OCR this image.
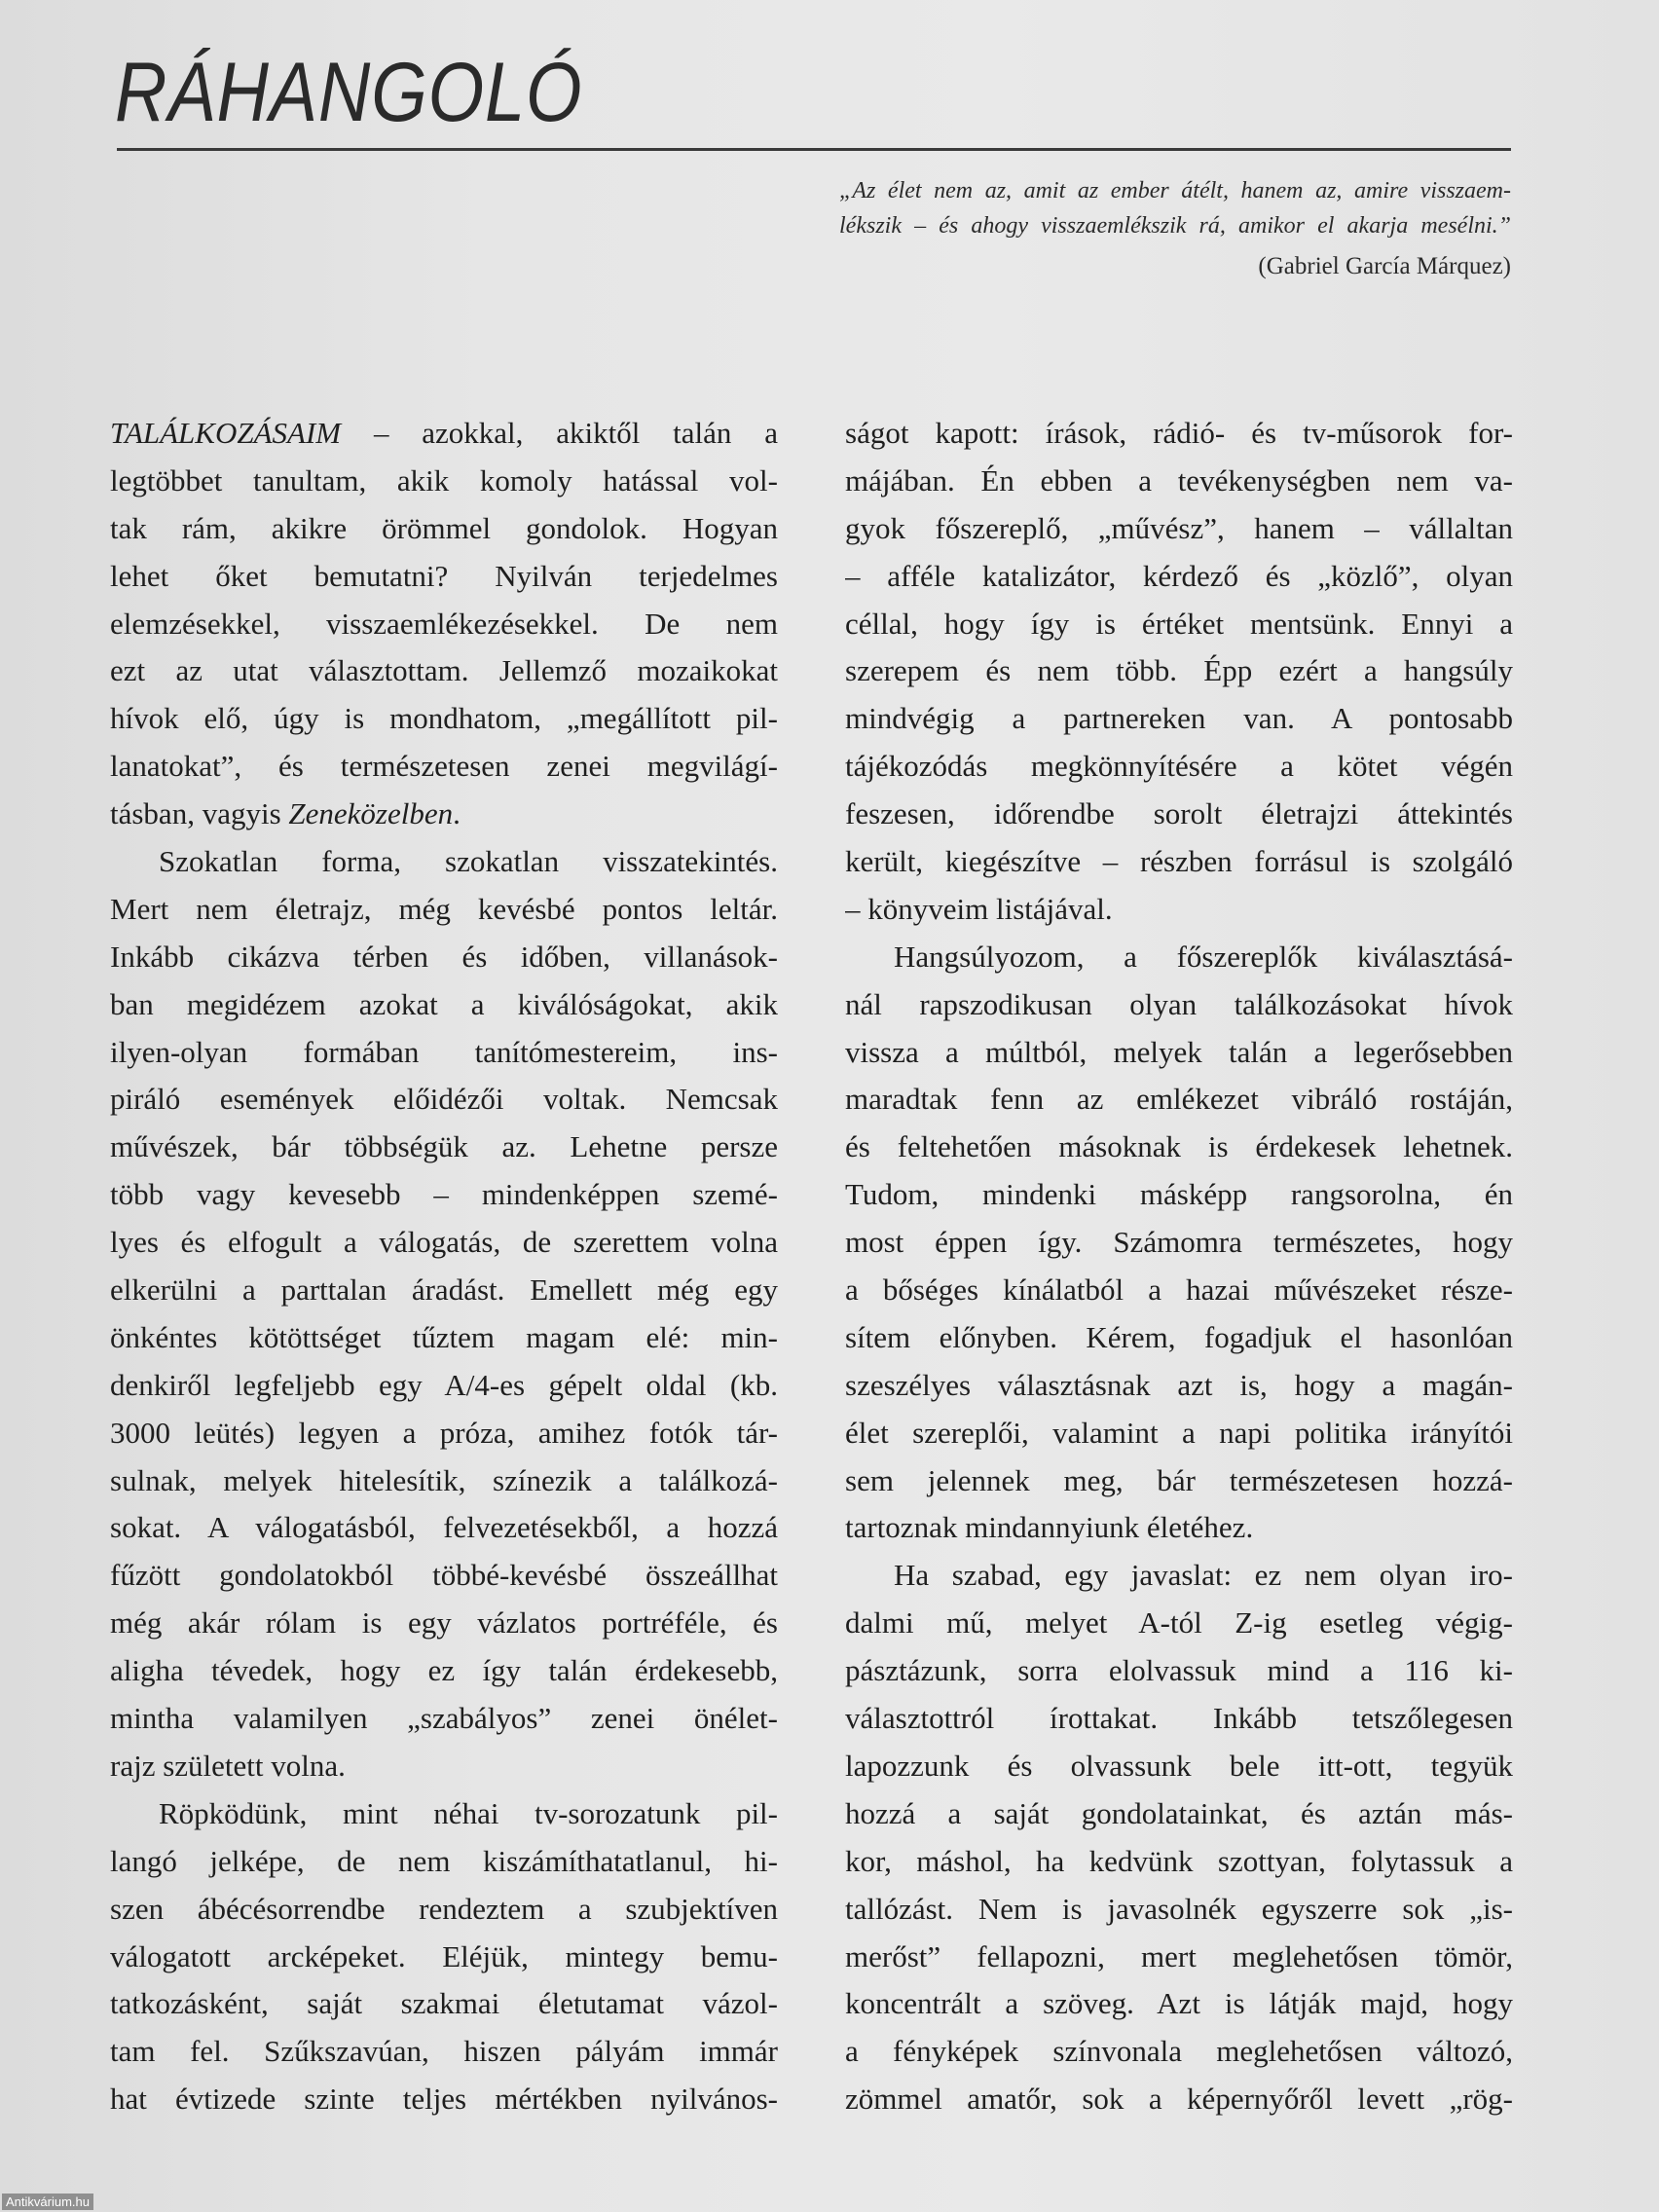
RÁHANGOLÓ
„Az élet nem az, amit az ember átélt, hanem az, amire visszaem-
lékszik – és ahogy visszaemlékszik rá, amikor el akarja mesélni.”
(Gabriel García Márquez)
TALÁLKOZÁSAIM – azokkal, akiktől talán a
legtöbbet tanultam, akik komoly hatással vol-
tak rám, akikre örömmel gondolok. Hogyan
lehet őket bemutatni? Nyilván terjedelmes
elemzésekkel, visszaemlékezésekkel. De nem
ezt az utat választottam. Jellemző mozaikokat
hívok elő, úgy is mondhatom, „megállított pil-
lanatokat”, és természetesen zenei megvilágí-
tásban, vagyis Zeneközelben.
Szokatlan forma, szokatlan visszatekintés.
Mert nem életrajz, még kevésbé pontos leltár.
Inkább cikázva térben és időben, villanások-
ban megidézem azokat a kiválóságokat, akik
ilyen-olyan formában tanítómestereim, ins-
piráló események előidézői voltak. Nemcsak
művészek, bár többségük az. Lehetne persze
több vagy kevesebb – mindenképpen szemé-
lyes és elfogult a válogatás, de szerettem volna
elkerülni a parttalan áradást. Emellett még egy
önkéntes kötöttséget tűztem magam elé: min-
denkiről legfeljebb egy A/4-es gépelt oldal (kb.
3000 leütés) legyen a próza, amihez fotók tár-
sulnak, melyek hitelesítik, színezik a találkozá-
sokat. A válogatásból, felvezetésekből, a hozzá
fűzött gondolatokból többé-kevésbé összeállhat
még akár rólam is egy vázlatos portréféle, és
aligha tévedek, hogy ez így talán érdekesebb,
mintha valamilyen „szabályos” zenei önélet-
rajz született volna.
Röpködünk, mint néhai tv-sorozatunk pil-
langó jelképe, de nem kiszámíthatatlanul, hi-
szen ábécésorrendbe rendeztem a szubjektíven
válogatott arcképeket. Eléjük, mintegy bemu-
tatkozásként, saját szakmai életutamat vázol-
tam fel. Szűkszavúan, hiszen pályám immár
hat évtizede szinte teljes mértékben nyilvános-
ságot kapott: írások, rádió- és tv-műsorok for-
májában. Én ebben a tevékenységben nem va-
gyok főszereplő, „művész”, hanem – vállaltan
– afféle katalizátor, kérdező és „közlő”, olyan
céllal, hogy így is értéket mentsünk. Ennyi a
szerepem és nem több. Épp ezért a hangsúly
mindvégig a partnereken van. A pontosabb
tájékozódás megkönnyítésére a kötet végén
feszesen, időrendbe sorolt életrajzi áttekintés
került, kiegészítve – részben forrásul is szolgáló
– könyveim listájával.
Hangsúlyozom, a főszereplők kiválasztásá-
nál rapszodikusan olyan találkozásokat hívok
vissza a múltból, melyek talán a legerősebben
maradtak fenn az emlékezet vibráló rostáján,
és feltehetően másoknak is érdekesek lehetnek.
Tudom, mindenki másképp rangsorolna, én
most éppen így. Számomra természetes, hogy
a bőséges kínálatból a hazai művészeket része-
sítem előnyben. Kérem, fogadjuk el hasonlóan
szeszélyes választásnak azt is, hogy a magán-
élet szereplői, valamint a napi politika irányítói
sem jelennek meg, bár természetesen hozzá-
tartoznak mindannyiunk életéhez.
Ha szabad, egy javaslat: ez nem olyan iro-
dalmi mű, melyet A-tól Z-ig esetleg végig-
pásztázunk, sorra elolvassuk mind a 116 ki-
választottról írottakat. Inkább tetszőlegesen
lapozzunk és olvassunk bele itt-ott, tegyük
hozzá a saját gondolatainkat, és aztán más-
kor, máshol, ha kedvünk szottyan, folytassuk a
tallózást. Nem is javasolnék egyszerre sok „is-
merőst” fellapozni, mert meglehetősen tömör,
koncentrált a szöveg. Azt is látják majd, hogy
a fényképek színvonala meglehetősen változó,
zömmel amatőr, sok a képernyőről levett „rög-
Antikvárium.hu
